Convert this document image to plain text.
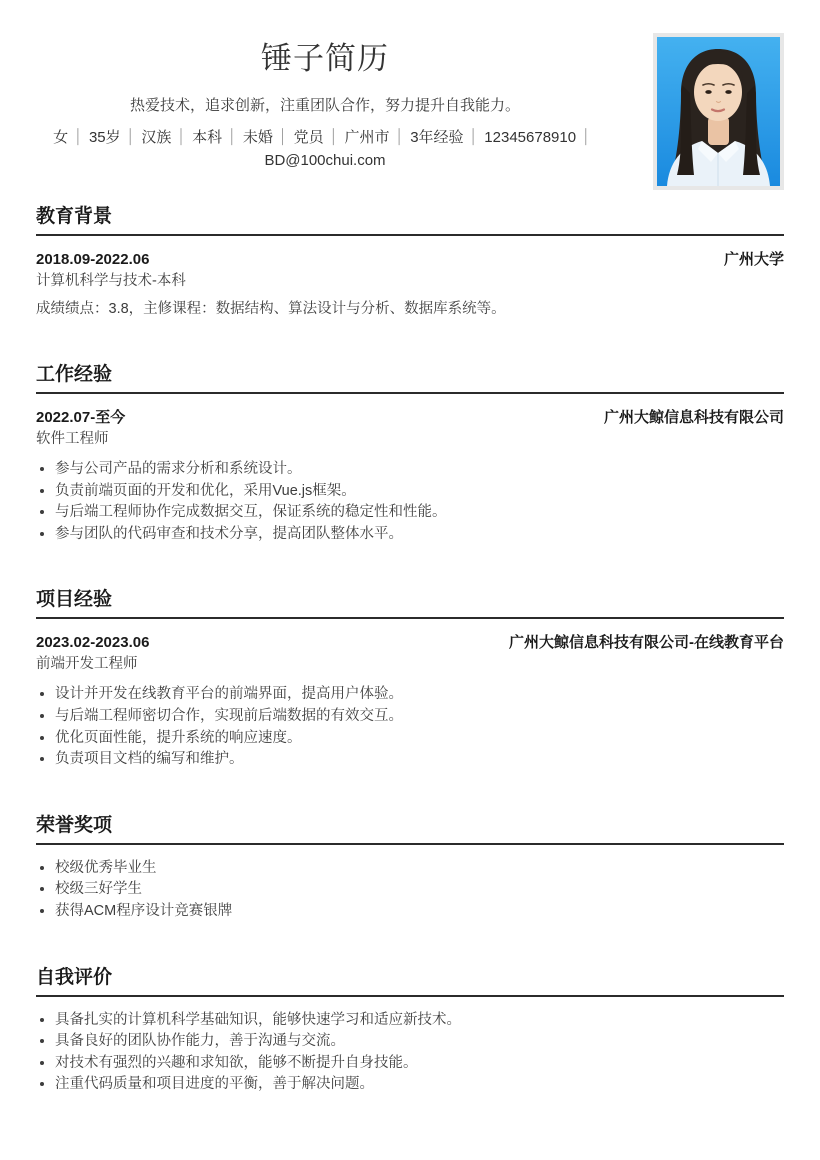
锤子简历

热爱技术，追求创新，注重团队合作，努力提升自我能力。

女 │ 35岁 │ 汉族 │ 本科 │ 未婚 │ 党员 │ 广州市 │ 3年经验 │ 12345678910 │

BD@100chui.com

教育背景
2018.09-2022.06	广州大学
计算机科学与技术-本科
成绩绩点：3.8，主修课程：数据结构、算法设计与分析、数据库系统等。
工作经验
2022.07-至今	广州大鲸信息科技有限公司
软件工程师
• 参与公司产品的需求分析和系统设计。
• 负责前端页面的开发和优化，采用Vue.js框架。
• 与后端工程师协作完成数据交互，保证系统的稳定性和性能。
• 参与团队的代码审查和技术分享，提高团队整体水平。
项目经验
2023.02-2023.06	广州大鲸信息科技有限公司-在线教育平台
前端开发工程师
• 设计并开发在线教育平台的前端界面，提高用户体验。
• 与后端工程师密切合作，实现前后端数据的有效交互。
• 优化页面性能，提升系统的响应速度。
• 负责项目文档的编写和维护。
荣誉奖项
• 校级优秀毕业生
• 校级三好学生
• 获得ACM程序设计竞赛银牌
自我评价
• 具备扎实的计算机科学基础知识，能够快速学习和适应新技术。
• 具备良好的团队协作能力，善于沟通与交流。
• 对技术有强烈的兴趣和求知欲，能够不断提升自身技能。
• 注重代码质量和项目进度的平衡，善于解决问题。
